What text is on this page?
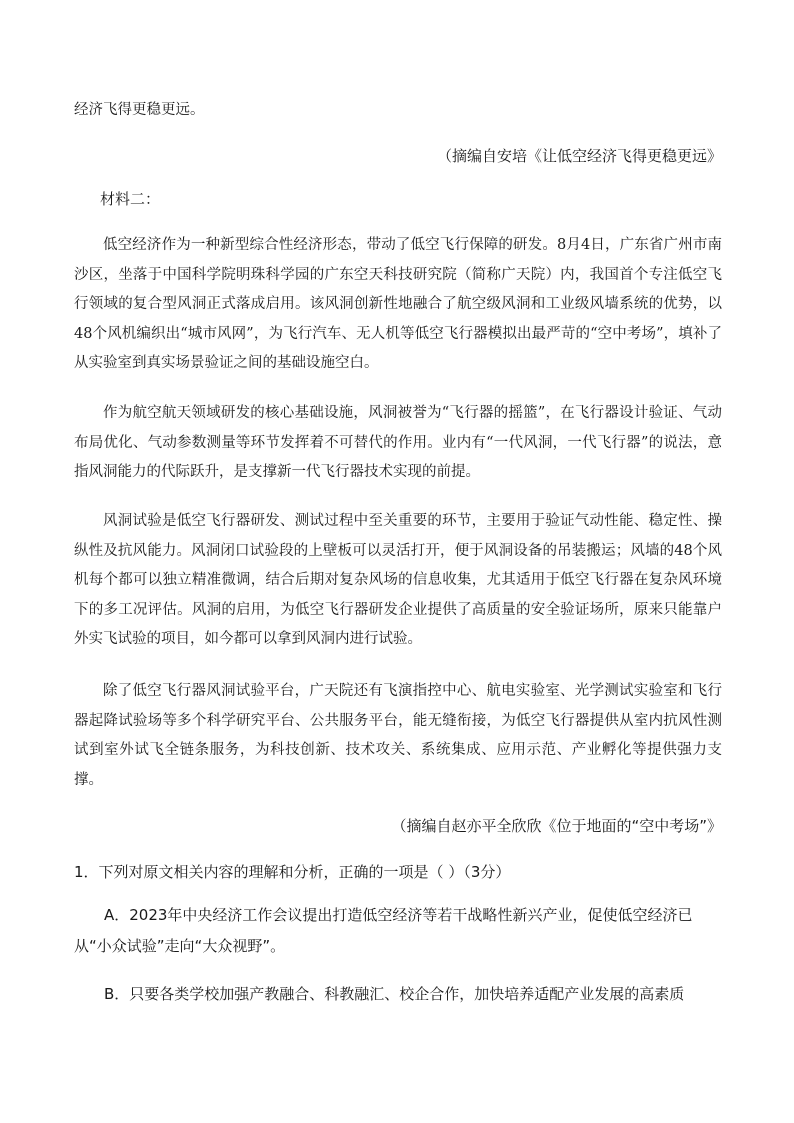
经济飞得更稳更远。
（摘编自安培《让低空经济飞得更稳更远》
材料二：

低空经济作为一种新型综合性经济形态，带动了低空飞行保障的研发。8月4日，广东省广州市南沙区，坐落于中国科学院明珠科学园的广东空天科技研究院（简称广天院）内，我国首个专注低空飞行领域的复合型风洞正式落成启用。该风洞创新性地融合了航空级风洞和工业级风墙系统的优势，以48个风机编织出“城市风网”，为飞行汽车、无人机等低空飞行器模拟出最严苛的“空中考场”，填补了从实验室到真实场景验证之间的基础设施空白。

作为航空航天领域研发的核心基础设施，风洞被誉为“飞行器的摇篮”，在飞行器设计验证、气动布局优化、气动参数测量等环节发挥着不可替代的作用。业内有“一代风洞，一代飞行器”的说法，意指风洞能力的代际跃升，是支撑新一代飞行器技术实现的前提。

风洞试验是低空飞行器研发、测试过程中至关重要的环节，主要用于验证气动性能、稳定性、操纵性及抗风能力。风洞闭口试验段的上壁板可以灵活打开，便于风洞设备的吊装搬运；风墙的48个风机每个都可以独立精准微调，结合后期对复杂风场的信息收集，尤其适用于低空飞行器在复杂风环境下的多工况评估。风洞的启用，为低空飞行器研发企业提供了高质量的安全验证场所，原来只能靠户外实飞试验的项目，如今都可以拿到风洞内进行试验。

除了低空飞行器风洞试验平台，广天院还有飞演指控中心、航电实验室、光学测试实验室和飞行器起降试验场等多个科学研究平台、公共服务平台，能无缝衔接，为低空飞行器提供从室内抗风性测试到室外试飞全链条服务，为科技创新、技术攻关、系统集成、应用示范、产业孵化等提供强力支撑。

（摘编自赵亦平全欣欣《位于地面的“空中考场”》
1．下列对原文相关内容的理解和分析，正确的一项是（ ）（3分）

A．2023年中央经济工作会议提出打造低空经济等若干战略性新兴产业，促使低空经济已从“小众试验”走向“大众视野”。

B．只要各类学校加强产教融合、科教融汇、校企合作，加快培养适配产业发展的高素质
